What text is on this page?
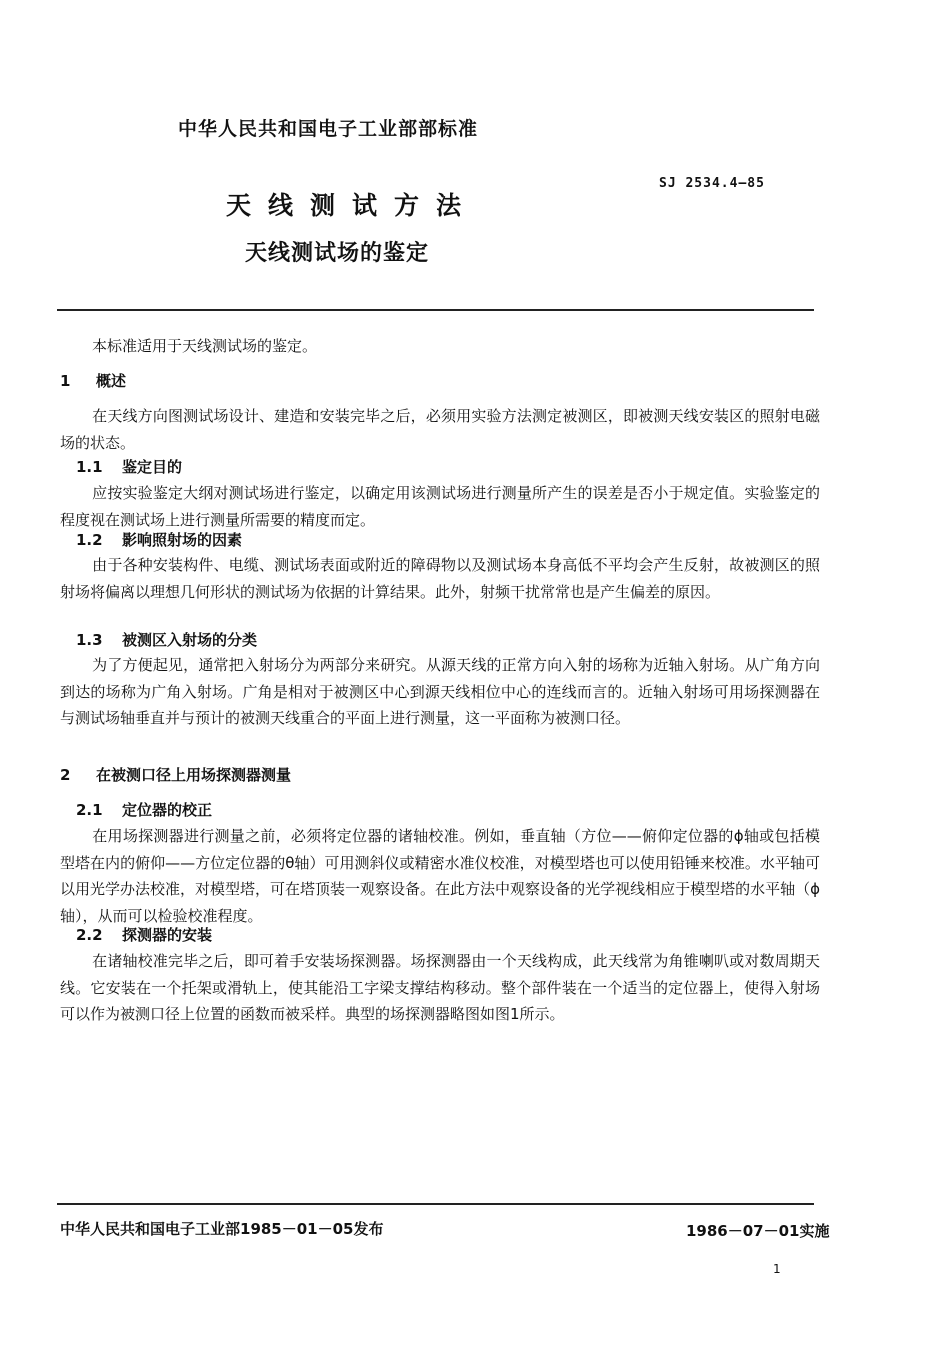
中华人民共和国电子工业部部标准
SJ 2534.4—85
天线测试方法
天线测试场的鉴定
本标准适用于天线测试场的鉴定。
1 概述
在天线方向图测试场设计、建造和安装完毕之后，必须用实验方法测定被测区，即被测天线安装区的照射电磁场的状态。
1.1 鉴定目的
应按实验鉴定大纲对测试场进行鉴定，以确定用该测试场进行测量所产生的误差是否小于规定值。实验鉴定的程度视在测试场上进行测量所需要的精度而定。
1.2 影响照射场的因素
由于各种安装构件、电缆、测试场表面或附近的障碍物以及测试场本身高低不平均会产生反射，故被测区的照射场将偏离以理想几何形状的测试场为依据的计算结果。此外，射频干扰常常也是产生偏差的原因。
1.3 被测区入射场的分类
为了方便起见，通常把入射场分为两部分来研究。从源天线的正常方向入射的场称为近轴入射场。从广角方向到达的场称为广角入射场。广角是相对于被测区中心到源天线相位中心的连线而言的。近轴入射场可用场探测器在与测试场轴垂直并与预计的被测天线重合的平面上进行测量，这一平面称为被测口径。
2 在被测口径上用场探测器测量
2.1 定位器的校正
在用场探测器进行测量之前，必须将定位器的诸轴校准。例如，垂直轴（方位——俯仰定位器的ϕ轴或包括模型塔在内的俯仰——方位定位器的θ轴）可用测斜仪或精密水准仪校准，对模型塔也可以使用铅锤来校准。水平轴可以用光学办法校准，对模型塔，可在塔顶装一观察设备。在此方法中观察设备的光学视线相应于模型塔的水平轴（ϕ轴），从而可以检验校准程度。
2.2 探测器的安装
在诸轴校准完毕之后，即可着手安装场探测器。场探测器由一个天线构成，此天线常为角锥喇叭或对数周期天线。它安装在一个托架或滑轨上，使其能沿工字梁支撑结构移动。整个部件装在一个适当的定位器上，使得入射场可以作为被测口径上位置的函数而被采样。典型的场探测器略图如图1所示。
中华人民共和国电子工业部1985－01－05发布	1986－07－01实施
1
